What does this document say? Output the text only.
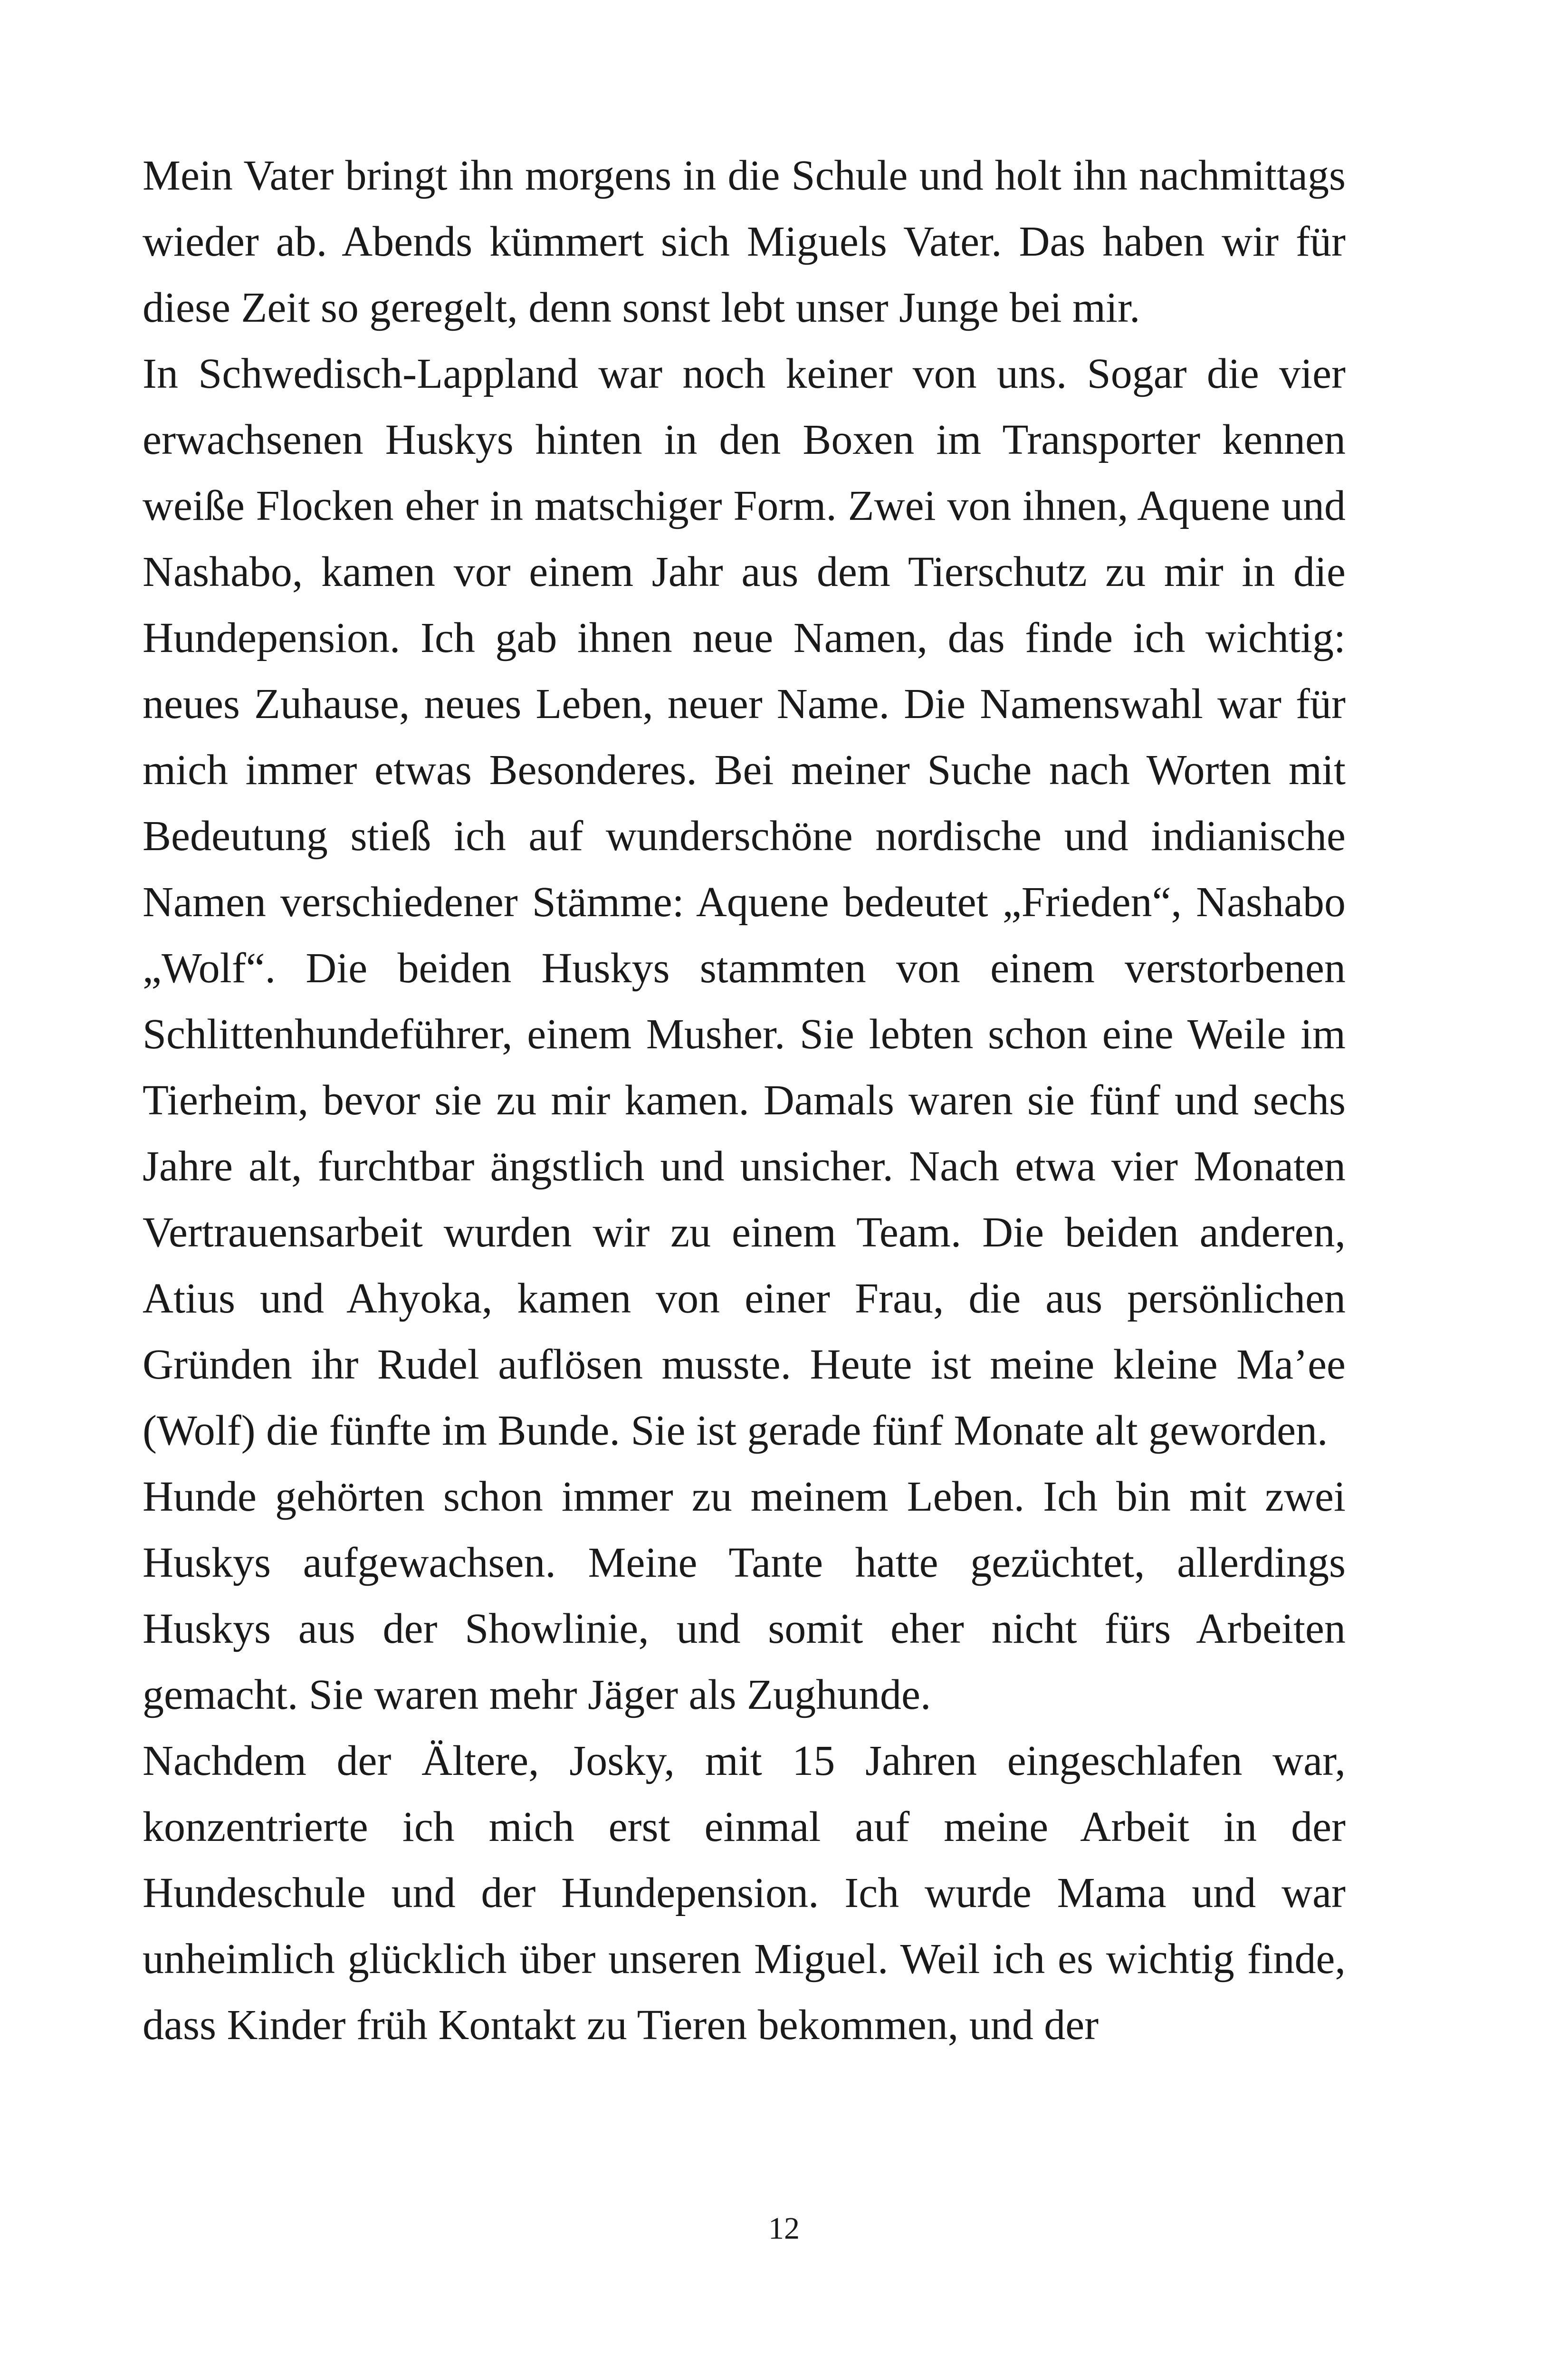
Mein Vater bringt ihn morgens in die Schule und holt ihn nachmittags wieder ab. Abends kümmert sich Miguels Vater. Das haben wir für diese Zeit so geregelt, denn sonst lebt unser Junge bei mir.

In Schwedisch-Lappland war noch keiner von uns. Sogar die vier erwachsenen Huskys hinten in den Boxen im Transporter kennen weiße Flocken eher in matschiger Form. Zwei von ihnen, Aquene und Nashabo, kamen vor einem Jahr aus dem Tierschutz zu mir in die Hundepension. Ich gab ihnen neue Namen, das finde ich wichtig: neues Zuhause, neues Leben, neuer Name. Die Namenswahl war für mich immer etwas Besonderes. Bei meiner Suche nach Worten mit Bedeutung stieß ich auf wunderschöne nordische und indianische Namen verschiedener Stämme: Aquene bedeutet „Frieden“, Nashabo „Wolf“. Die beiden Huskys stammten von einem verstorbenen Schlittenhundeführer, einem Musher. Sie lebten schon eine Weile im Tierheim, bevor sie zu mir kamen. Damals waren sie fünf und sechs Jahre alt, furchtbar ängstlich und unsicher. Nach etwa vier Monaten Vertrauensarbeit wurden wir zu einem Team. Die beiden anderen, Atius und Ahyoka, kamen von einer Frau, die aus persönlichen Gründen ihr Rudel auflösen musste. Heute ist meine kleine Ma’ee (Wolf) die fünfte im Bunde. Sie ist gerade fünf Monate alt geworden.

Hunde gehörten schon immer zu meinem Leben. Ich bin mit zwei Huskys aufgewachsen. Meine Tante hatte gezüchtet, allerdings Huskys aus der Showlinie, und somit eher nicht fürs Arbeiten gemacht. Sie waren mehr Jäger als Zughunde.

Nachdem der Ältere, Josky, mit 15 Jahren eingeschlafen war, konzentrierte ich mich erst einmal auf meine Arbeit in der Hundeschule und der Hundepension. Ich wurde Mama und war unheimlich glücklich über unseren Miguel. Weil ich es wichtig finde, dass Kinder früh Kontakt zu Tieren bekommen, und der

12
